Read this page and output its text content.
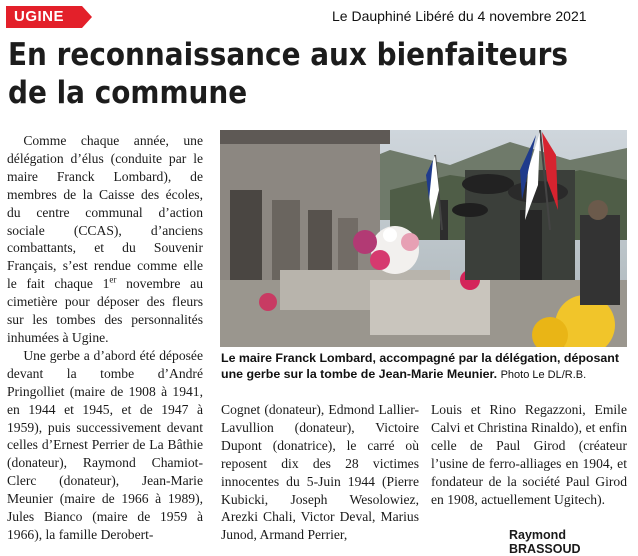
UGINE	Le Dauphiné Libéré du 4 novembre 2021
En reconnaissance aux bienfaiteurs de la commune

Comme chaque année, une délégation d’élus (conduite par le maire Franck Lombard), de membres de la Caisse des écoles, du centre communal d’action sociale (CCAS), d’anciens combattants, et du Souvenir Français, s’est rendue comme elle le fait chaque 1er novembre au cimetière pour déposer des fleurs sur les tombes des personnalités inhumées à Ugine.

Une gerbe a d’abord été déposée devant la tombe d’André Pringolliet (maire de 1908 à 1941, en 1944 et 1945, et de 1947 à 1959), puis successivement devant celles d’Ernest Perrier de La Bâthie (donateur), Raymond Chamiot-Clerc (donateur), Jean-Marie Meunier (maire de 1966 à 1989), Jules Bianco (maire de 1959 à 1966), la famille Derobert-

Le maire Franck Lombard, accompagné par la délégation, déposant une gerbe sur la tombe de Jean-Marie Meunier. Photo Le DL/R.B.

Cognet (donateur), Edmond Lallier-Lavullion (donateur), Victoire Dupont (donatrice), le carré où reposent dix des 28 victimes innocentes du 5-Juin 1944 (Pierre Kubicki, Joseph Wesolowiez, Arezki Chali, Victor Deval, Marius Junod, Armand Perrier,

Louis et Rino Regazzoni, Emile Calvi et Christina Rinaldo), et enfin celle de Paul Girod (créateur l’usine de ferro-alliages en 1904, et fondateur de la société Paul Girod en 1908, actuellement Ugitech).

Raymond BRASSOUD
